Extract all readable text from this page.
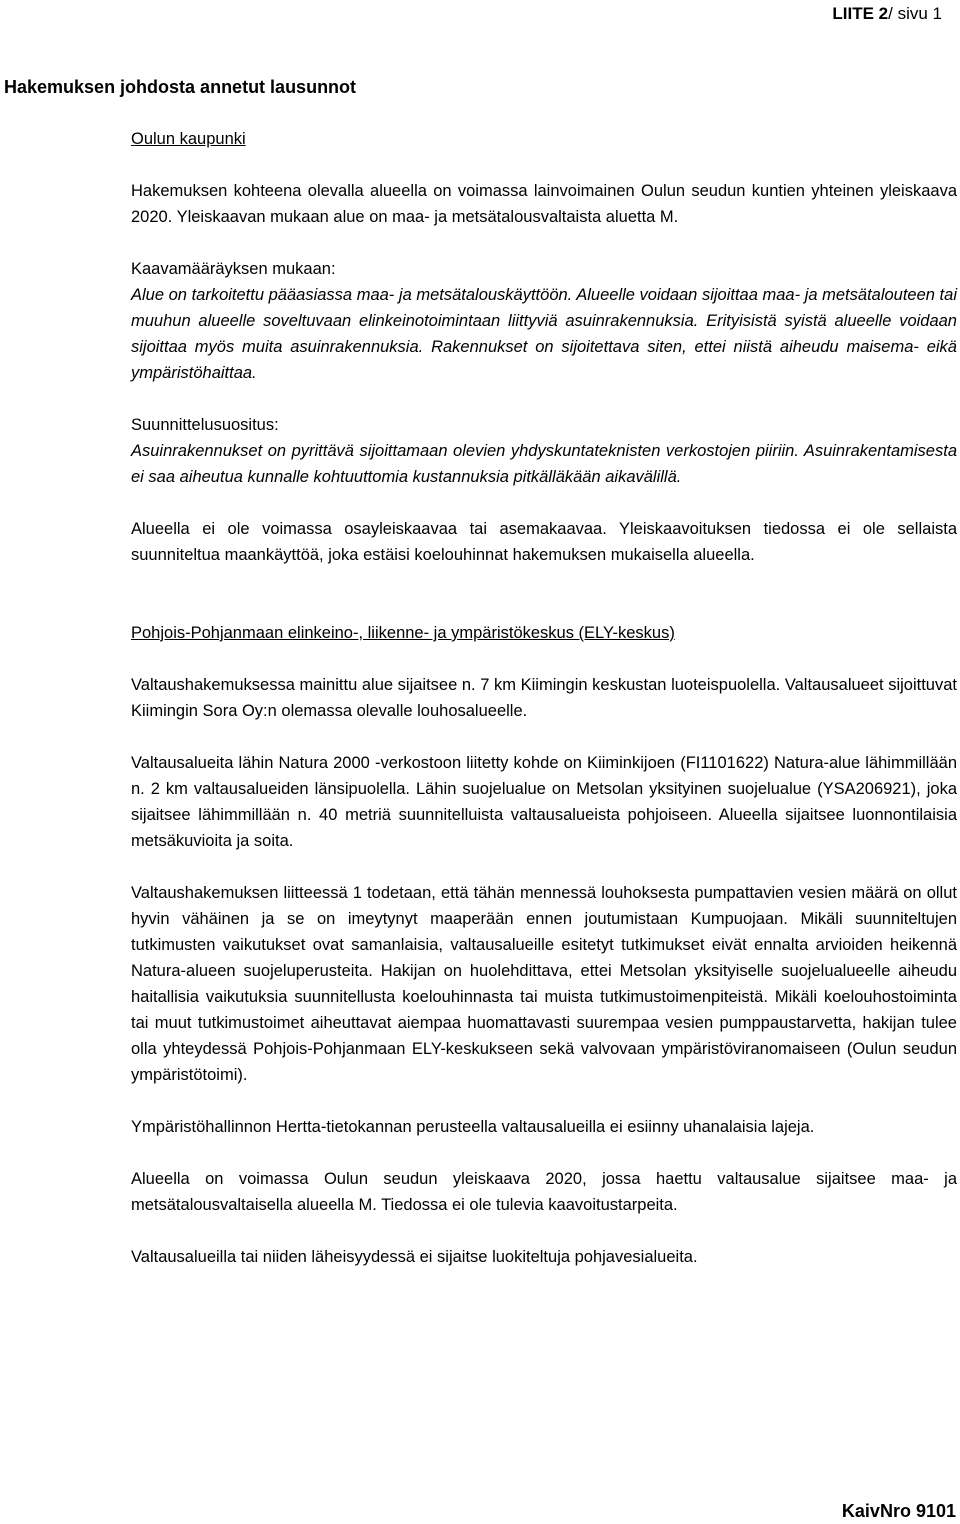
LIITE 2/ sivu 1
Hakemuksen johdosta annetut lausunnot

Oulun kaupunki

Hakemuksen kohteena olevalla alueella on voimassa lainvoimainen Oulun seudun kuntien yhteinen yleiskaava 2020. Yleiskaavan mukaan alue on maa- ja metsätalousvaltaista aluetta M.

Kaavamääräyksen mukaan:

Alue on tarkoitettu pääasiassa maa- ja metsätalouskäyttöön. Alueelle voidaan sijoittaa maa- ja metsätalouteen tai muuhun alueelle soveltuvaan elinkeinotoimintaan liittyviä asuinrakennuksia. Erityisistä syistä alueelle voidaan sijoittaa myös muita asuinrakennuksia. Rakennukset on sijoitettava siten, ettei niistä aiheudu maisema- eikä ympäristöhaittaa.

Suunnittelusuositus:

Asuinrakennukset on pyrittävä sijoittamaan olevien yhdyskuntateknisten verkostojen piiriin. Asuinrakentamisesta ei saa aiheutua kunnalle kohtuuttomia kustannuksia pitkälläkään aikavälillä.

Alueella ei ole voimassa osayleiskaavaa tai asemakaavaa. Yleiskaavoituksen tiedossa ei ole sellaista suunniteltua maankäyttöä, joka estäisi koelouhinnat hakemuksen mukaisella alueella.

Pohjois-Pohjanmaan elinkeino-, liikenne- ja ympäristökeskus (ELY-keskus)

Valtaushakemuksessa mainittu alue sijaitsee n. 7 km Kiimingin keskustan luoteispuolella. Valtausalueet sijoittuvat Kiimingin Sora Oy:n olemassa olevalle louhosalueelle.

Valtausalueita lähin Natura 2000 -verkostoon liitetty kohde on Kiiminkijoen (FI1101622) Natura-alue lähimmillään n. 2 km valtausalueiden länsipuolella. Lähin suojelualue on Metsolan yksityinen suojelualue (YSA206921), joka sijaitsee lähimmillään n. 40 metriä suunnitelluista valtausalueista pohjoiseen. Alueella sijaitsee luonnontilaisia metsäkuvioita ja soita.

Valtaushakemuksen liitteessä 1 todetaan, että tähän mennessä louhoksesta pumpattavien vesien määrä on ollut hyvin vähäinen ja se on imeytynyt maaperään ennen joutumistaan Kumpuojaan. Mikäli suunniteltujen tutkimusten vaikutukset ovat samanlaisia, valtausalueille esitetyt tutkimukset eivät ennalta arvioiden heikennä Natura-alueen suojeluperusteita. Hakijan on huolehdittava, ettei Metsolan yksityiselle suojelualueelle aiheudu haitallisia vaikutuksia suunnitellusta koelouhinnasta tai muista tutkimustoimenpiteistä. Mikäli koelouhostoiminta tai muut tutkimustoimet aiheuttavat aiempaa huomattavasti suurempaa vesien pumppaustarvetta, hakijan tulee olla yhteydessä Pohjois-Pohjanmaan ELY-keskukseen sekä valvovaan ympäristöviranomaiseen (Oulun seudun ympäristötoimi).

Ympäristöhallinnon Hertta-tietokannan perusteella valtausalueilla ei esiinny uhanalaisia lajeja.

Alueella on voimassa Oulun seudun yleiskaava 2020, jossa haettu valtausalue sijaitsee maa- ja metsätalousvaltaisella alueella M. Tiedossa ei ole tulevia kaavoitustarpeita.

Valtausalueilla tai niiden läheisyydessä ei sijaitse luokiteltuja pohjavesialueita.

KaivNro 9101
